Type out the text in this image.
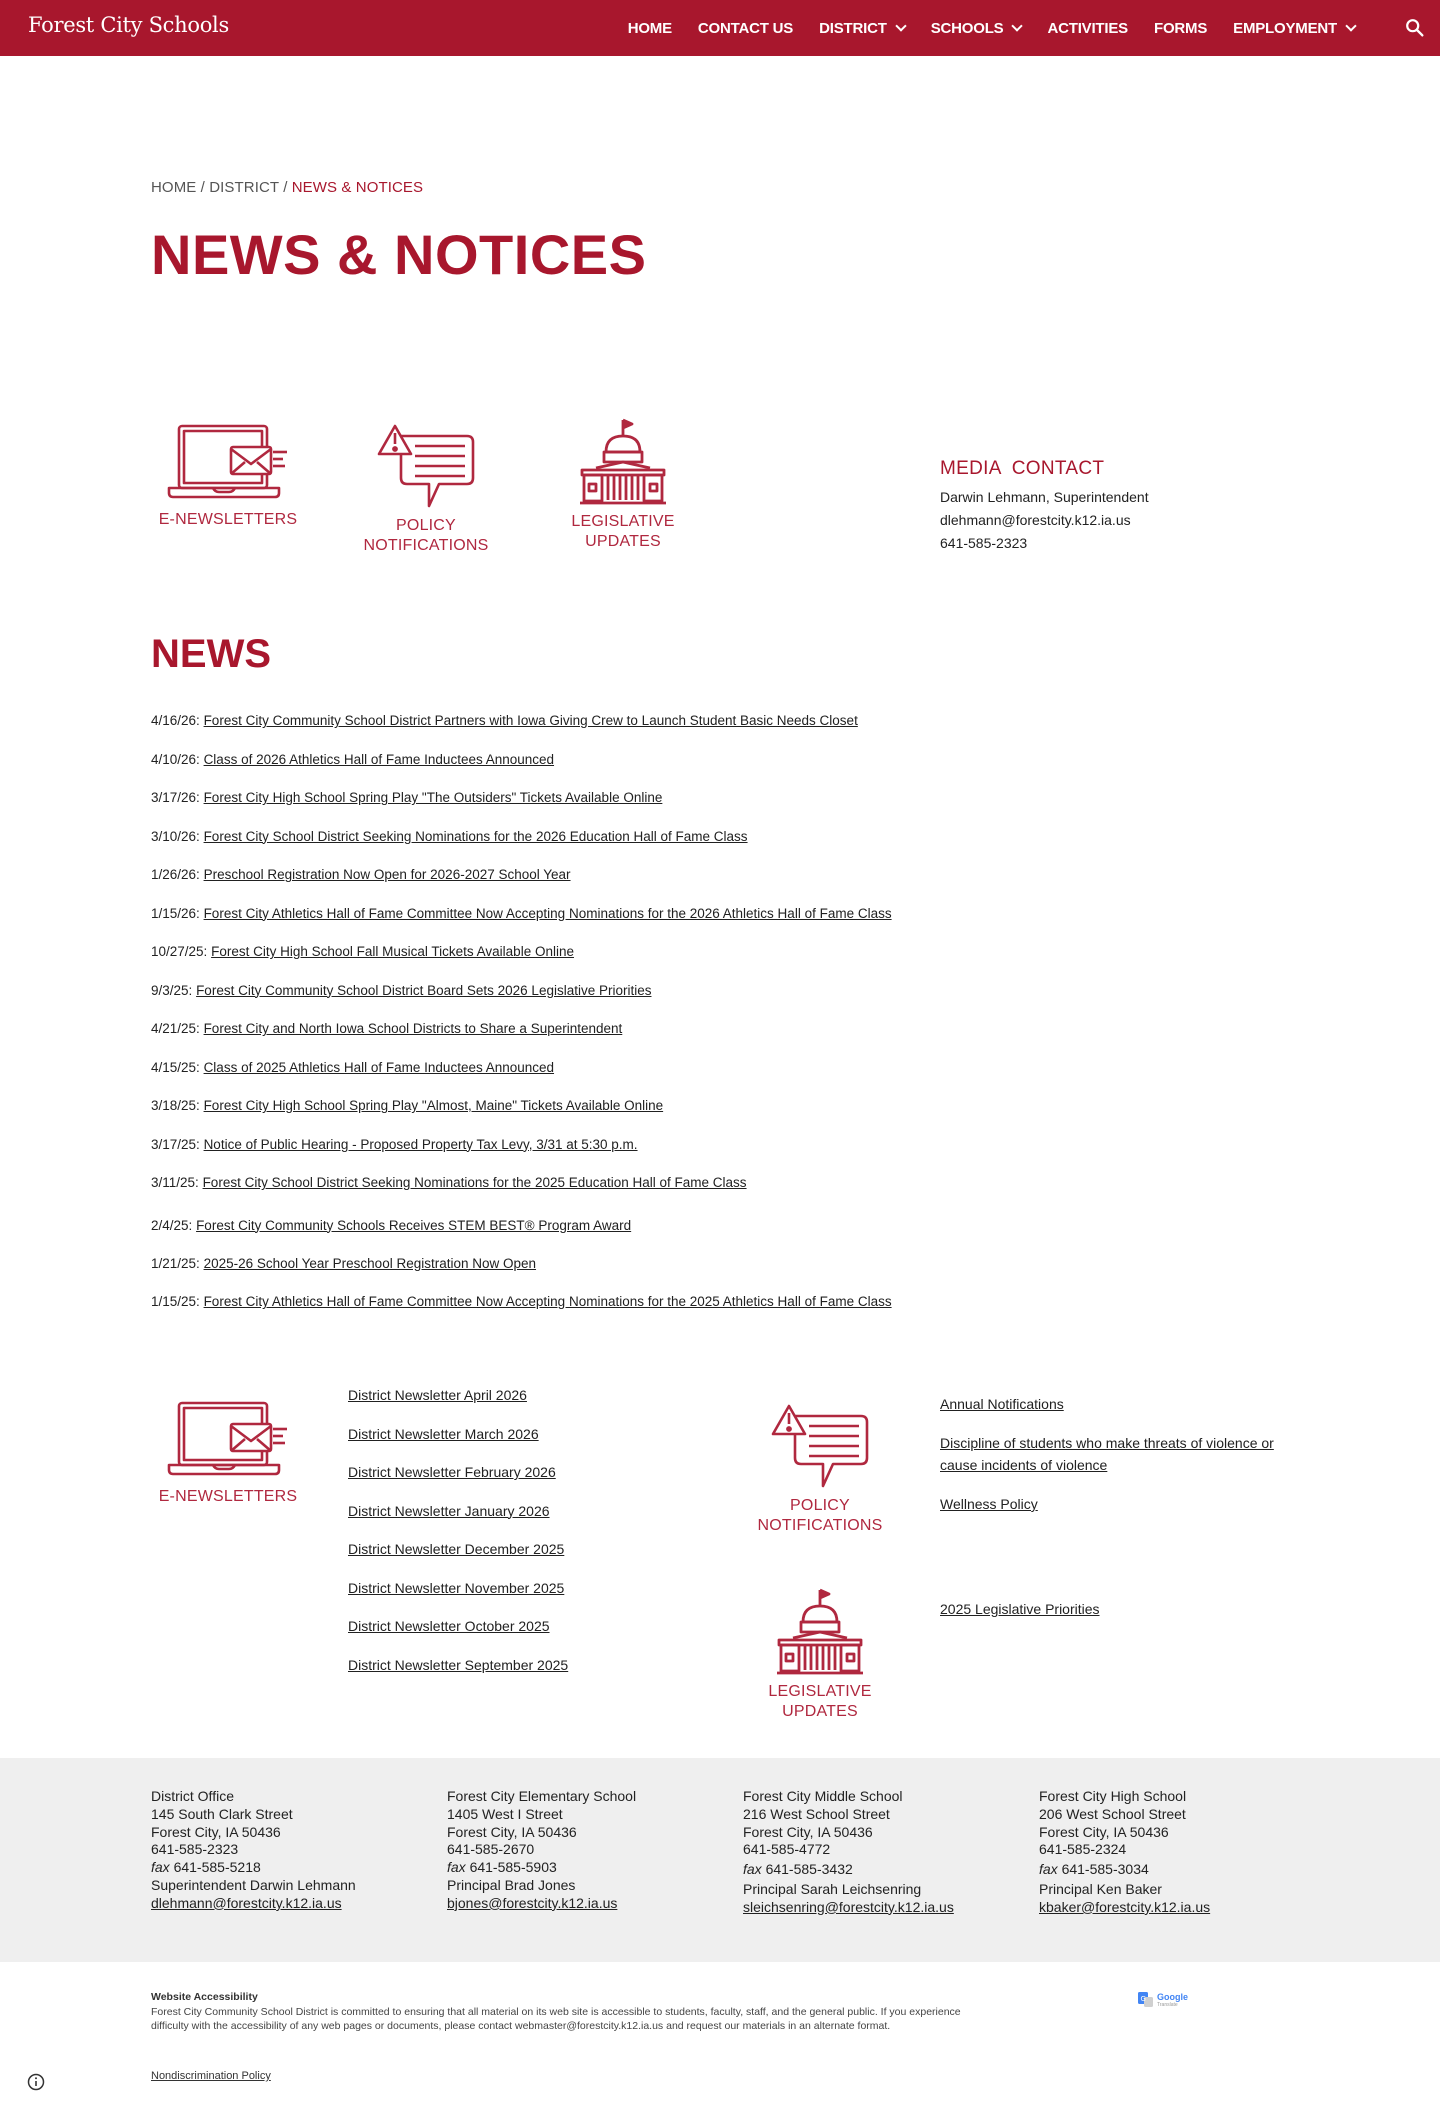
Forest City Schools	HOME CONTACT US DISTRICT	SCHOOLS	ACTIVITIES FORMS EMPLOYMENT
HOME / DISTRICT / NEWS & NOTICES
NEWS & NOTICES
E-NEWSLETTERS	POLICY
NOTIFICATIONS
LEGISLATIVE
UPDATES
MEDIA  CONTACT

Darwin Lehmann, Superintendent

dlehmann@forestcity.k12.ia.us

641-585-2323

NEWS
4/16/26: Forest City Community School District Partners with Iowa Giving Crew to Launch Student Basic Needs Closet
4/10/26: Class of 2026 Athletics Hall of Fame Inductees Announced
3/17/26: Forest City High School Spring Play "The Outsiders" Tickets Available Online
3/10/26: Forest City School District Seeking Nominations for the 2026 Education Hall of Fame Class
1/26/26: Preschool Registration Now Open for 2026-2027 School Year
1/15/26: Forest City Athletics Hall of Fame Committee Now Accepting Nominations for the 2026 Athletics Hall of Fame Class
10/27/25: Forest City High School Fall Musical Tickets Available Online
9/3/25: Forest City Community School District Board Sets 2026 Legislative Priorities
4/21/25: Forest City and North Iowa School Districts to Share a Superintendent
4/15/25: Class of 2025 Athletics Hall of Fame Inductees Announced
3/18/25: Forest City High School Spring Play "Almost, Maine" Tickets Available Online
3/17/25: Notice of Public Hearing - Proposed Property Tax Levy, 3/31 at 5:30 p.m.
3/11/25: Forest City School District Seeking Nominations for the 2025 Education Hall of Fame Class
2/4/25: Forest City Community Schools Receives STEM BEST® Program Award
1/21/25: 2025-26 School Year Preschool Registration Now Open
1/15/25: Forest City Athletics Hall of Fame Committee Now Accepting Nominations for the 2025 Athletics Hall of Fame Class
E-NEWSLETTERS
District Newsletter April 2026
District Newsletter March 2026
District Newsletter February 2026
District Newsletter January 2026
District Newsletter December 2025
District Newsletter November 2025
District Newsletter October 2025
District Newsletter September 2025
POLICY
NOTIFICATIONS
Annual Notifications
Discipline of students who make threats of violence or cause incidents of violence
Wellness Policy
LEGISLATIVE
UPDATES
2025 Legislative Priorities
District Office
145 South Clark Street
Forest City, IA 50436
641-585-2323
fax 641-585-5218
Superintendent Darwin Lehmann
dlehmann@forestcity.k12.ia.us
Forest City Elementary School
1405 West I Street
Forest City, IA 50436
641-585-2670
fax 641-585-5903
Principal Brad Jones
bjones@forestcity.k12.ia.us
Forest City Middle School
216 West School Street
Forest City, IA 50436
641-585-4772
fax 641-585-3432
Principal Sarah Leichsenring
sleichsenring@forestcity.k12.ia.us
Forest City High School
206 West School Street
Forest City, IA 50436
641-585-2324
fax 641-585-3034
Principal Ken Baker
kbaker@forestcity.k12.ia.us
Website Accessibility
Forest City Community School District is committed to ensuring that all material on its web site is accessible to students, faculty, staff, and the general public. If you experience difficulty with the accessibility of any web pages or documents, please contact webmaster@forestcity.k12.ia.us and request our materials in an alternate format.
Nondiscrimination Policy
G Google
Translate
